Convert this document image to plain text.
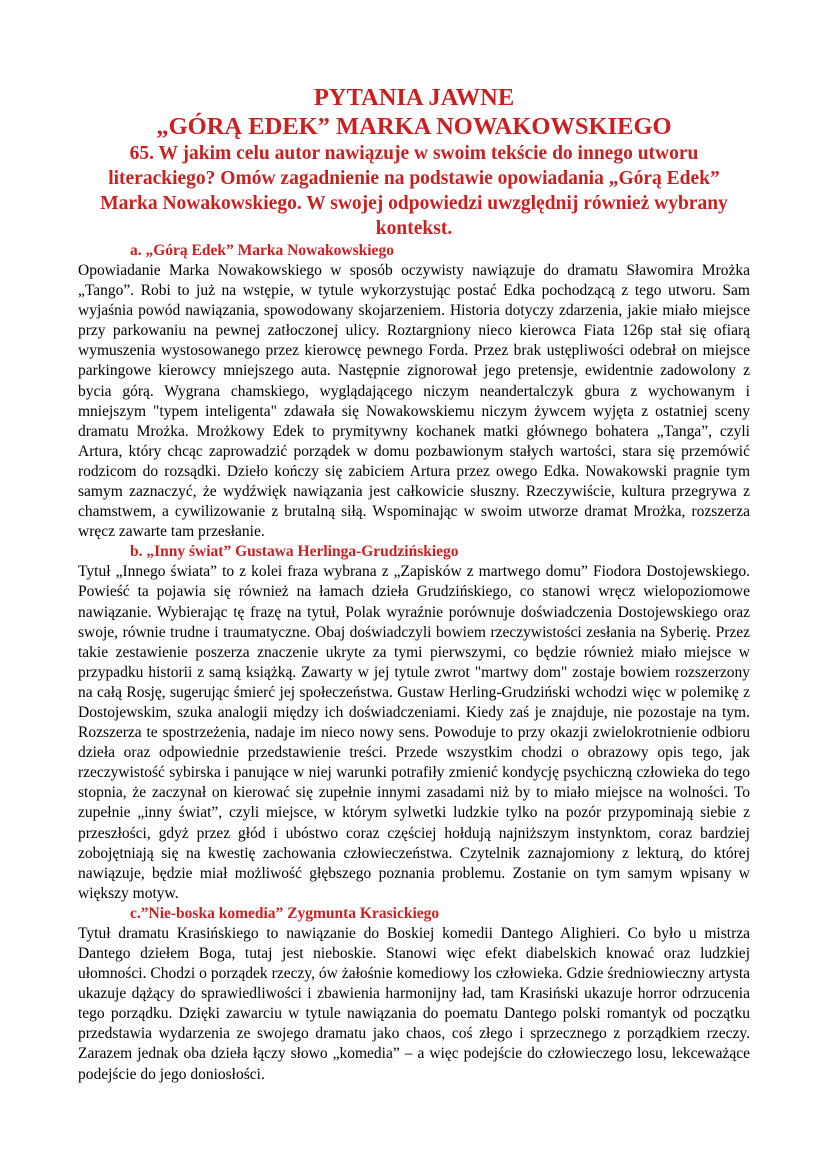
PYTANIA JAWNE
„GÓRĄ EDEK” MARKA NOWAKOWSKIEGO

65. W jakim celu autor nawiązuje w swoim tekście do innego utworu literackiego? Omów zagadnienie na podstawie opowiadania „Górą Edek” Marka Nowakowskiego. W swojej odpowiedzi uwzględnij również wybrany kontekst.

a. „Górą Edek” Marka Nowakowskiego

Opowiadanie Marka Nowakowskiego w sposób oczywisty nawiązuje do dramatu Sławomira Mrożka „Tango”. Robi to już na wstępie, w tytule wykorzystując postać Edka pochodzącą z tego utworu. Sam wyjaśnia powód nawiązania, spowodowany skojarzeniem. Historia dotyczy zdarzenia, jakie miało miejsce przy parkowaniu na pewnej zatłoczonej ulicy. Roztargniony nieco kierowca Fiata 126p stał się ofiarą wymuszenia wystosowanego przez kierowcę pewnego Forda. Przez brak ustępliwości odebrał on miejsce parkingowe kierowcy mniejszego auta. Następnie zignorował jego pretensje, ewidentnie zadowolony z bycia górą. Wygrana chamskiego, wyglądającego niczym neandertalczyk gbura z wychowanym i mniejszym "typem inteligenta" zdawała się Nowakowskiemu niczym żywcem wyjęta z ostatniej sceny dramatu Mrożka. Mrożkowy Edek to prymitywny kochanek matki głównego bohatera „Tanga”, czyli Artura, który chcąc zaprowadzić porządek w domu pozbawionym stałych wartości, stara się przemówić rodzicom do rozsądki. Dzieło kończy się zabiciem Artura przez owego Edka. Nowakowski pragnie tym samym zaznaczyć, że wydźwięk nawiązania jest całkowicie słuszny. Rzeczywiście, kultura przegrywa z chamstwem, a cywilizowanie z brutalną siłą. Wspominając w swoim utworze dramat Mrożka, rozszerza wręcz zawarte tam przesłanie.

b. „Inny świat” Gustawa Herlinga-Grudzińskiego

Tytuł „Innego świata” to z kolei fraza wybrana z „Zapisków z martwego domu” Fiodora Dostojewskiego. Powieść ta pojawia się również na łamach dzieła Grudzińskiego, co stanowi wręcz wielopoziomowe nawiązanie. Wybierając tę frazę na tytuł, Polak wyraźnie porównuje doświadczenia Dostojewskiego oraz swoje, równie trudne i traumatyczne. Obaj doświadczyli bowiem rzeczywistości zesłania na Syberię. Przez takie zestawienie poszerza znaczenie ukryte za tymi pierwszymi, co będzie również miało miejsce w przypadku historii z samą książką. Zawarty w jej tytule zwrot "martwy dom" zostaje bowiem rozszerzony na całą Rosję, sugerując śmierć jej społeczeństwa. Gustaw Herling-Grudziński wchodzi więc w polemikę z Dostojewskim, szuka analogii między ich doświadczeniami. Kiedy zaś je znajduje, nie pozostaje na tym. Rozszerza te spostrzeżenia, nadaje im nieco nowy sens. Powoduje to przy okazji zwielokrotnienie odbioru dzieła oraz odpowiednie przedstawienie treści. Przede wszystkim chodzi o obrazowy opis tego, jak rzeczywistość sybirska i panujące w niej warunki potrafiły zmienić kondycję psychiczną człowieka do tego stopnia, że zaczynał on kierować się zupełnie innymi zasadami niż by to miało miejsce na wolności. To zupełnie „inny świat”, czyli miejsce, w którym sylwetki ludzkie tylko na pozór przypominają siebie z przeszłości, gdyż przez głód i ubóstwo coraz częściej hołdują najniższym instynktom, coraz bardziej zobojętniają się na kwestię zachowania człowieczeństwa. Czytelnik zaznajomiony z lekturą, do której nawiązuje, będzie miał możliwość głębszego poznania problemu. Zostanie on tym samym wpisany w większy motyw.

c.”Nie-boska komedia” Zygmunta Krasickiego

Tytuł dramatu Krasińskiego to nawiązanie do Boskiej komedii Dantego Alighieri. Co było u mistrza Dantego dziełem Boga, tutaj jest nieboskie. Stanowi więc efekt diabelskich knować oraz ludzkiej ułomności. Chodzi o porządek rzeczy, ów żałośnie komediowy los człowieka. Gdzie średniowieczny artysta ukazuje dążący do sprawiedliwości i zbawienia harmonijny ład, tam Krasiński ukazuje horror odrzucenia tego porządku. Dzięki zawarciu w tytule nawiązania do poematu Dantego polski romantyk od początku przedstawia wydarzenia ze swojego dramatu jako chaos, coś złego i sprzecznego z porządkiem rzeczy. Zarazem jednak oba dzieła łączy słowo „komedia” – a więc podejście do człowieczego losu, lekceważące podejście do jego doniosłości.
